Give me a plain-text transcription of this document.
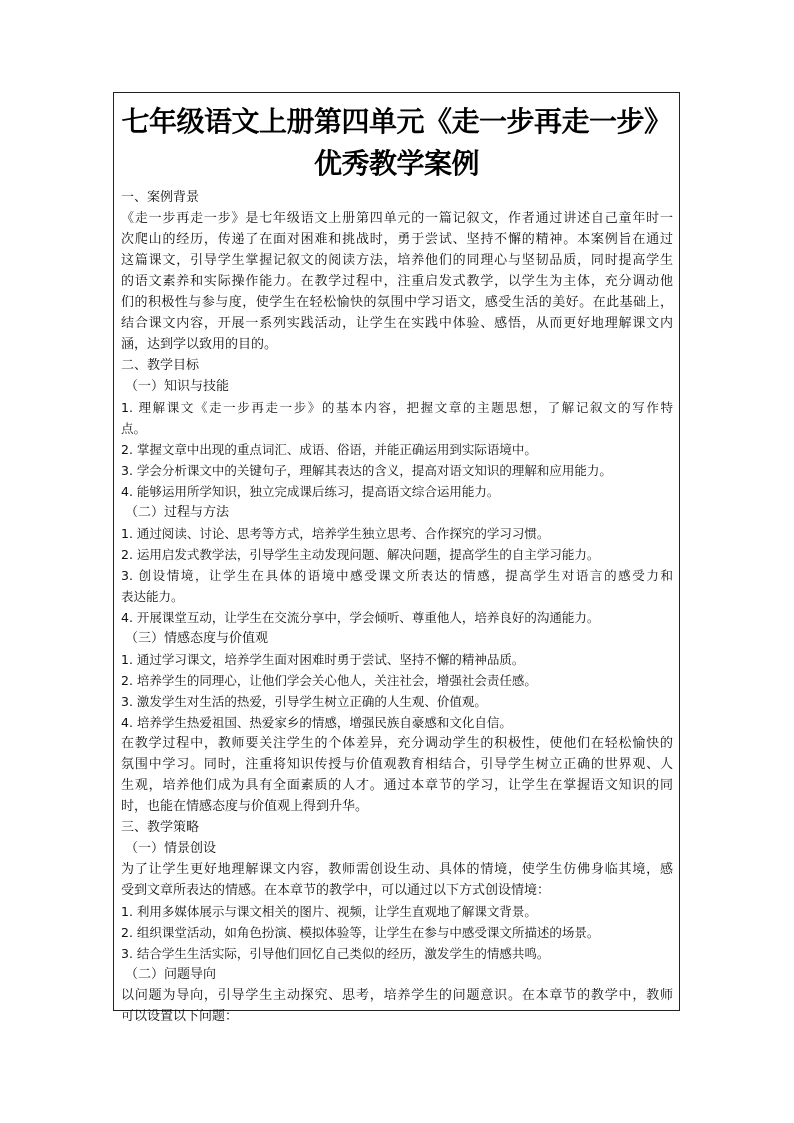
七年级语文上册第四单元《走一步再走一步》
优秀教学案例
一、案例背景
《走一步再走一步》是七年级语文上册第四单元的一篇记叙文，作者通过讲述自己童年时一
次爬山的经历，传递了在面对困难和挑战时，勇于尝试、坚持不懈的精神。本案例旨在通过
这篇课文，引导学生掌握记叙文的阅读方法，培养他们的同理心与坚韧品质，同时提高学生
的语文素养和实际操作能力。在教学过程中，注重启发式教学，以学生为主体，充分调动他
们的积极性与参与度，使学生在轻松愉快的氛围中学习语文，感受生活的美好。在此基础上，
结合课文内容，开展一系列实践活动，让学生在实践中体验、感悟，从而更好地理解课文内
涵，达到学以致用的目的。
二、教学目标
（一）知识与技能
1. 理解课文《走一步再走一步》的基本内容，把握文章的主题思想，了解记叙文的写作特
点。
2. 掌握文章中出现的重点词汇、成语、俗语，并能正确运用到实际语境中。
3. 学会分析课文中的关键句子，理解其表达的含义，提高对语文知识的理解和应用能力。
4. 能够运用所学知识，独立完成课后练习，提高语文综合运用能力。
（二）过程与方法
1. 通过阅读、讨论、思考等方式，培养学生独立思考、合作探究的学习习惯。
2. 运用启发式教学法，引导学生主动发现问题、解决问题，提高学生的自主学习能力。
3. 创设情境，让学生在具体的语境中感受课文所表达的情感，提高学生对语言的感受力和
表达能力。
4. 开展课堂互动，让学生在交流分享中，学会倾听、尊重他人，培养良好的沟通能力。
（三）情感态度与价值观
1. 通过学习课文，培养学生面对困难时勇于尝试、坚持不懈的精神品质。
2. 培养学生的同理心，让他们学会关心他人，关注社会，增强社会责任感。
3. 激发学生对生活的热爱，引导学生树立正确的人生观、价值观。
4. 培养学生热爱祖国、热爱家乡的情感，增强民族自豪感和文化自信。
在教学过程中，教师要关注学生的个体差异，充分调动学生的积极性，使他们在轻松愉快的
氛围中学习。同时，注重将知识传授与价值观教育相结合，引导学生树立正确的世界观、人
生观，培养他们成为具有全面素质的人才。通过本章节的学习，让学生在掌握语文知识的同
时，也能在情感态度与价值观上得到升华。
三、教学策略
（一）情景创设
为了让学生更好地理解课文内容，教师需创设生动、具体的情境，使学生仿佛身临其境，感
受到文章所表达的情感。在本章节的教学中，可以通过以下方式创设情境：
1. 利用多媒体展示与课文相关的图片、视频，让学生直观地了解课文背景。
2. 组织课堂活动，如角色扮演、模拟体验等，让学生在参与中感受课文所描述的场景。
3. 结合学生生活实际，引导他们回忆自己类似的经历，激发学生的情感共鸣。
（二）问题导向
以问题为导向，引导学生主动探究、思考，培养学生的问题意识。在本章节的教学中，教师
可以设置以下问题：
